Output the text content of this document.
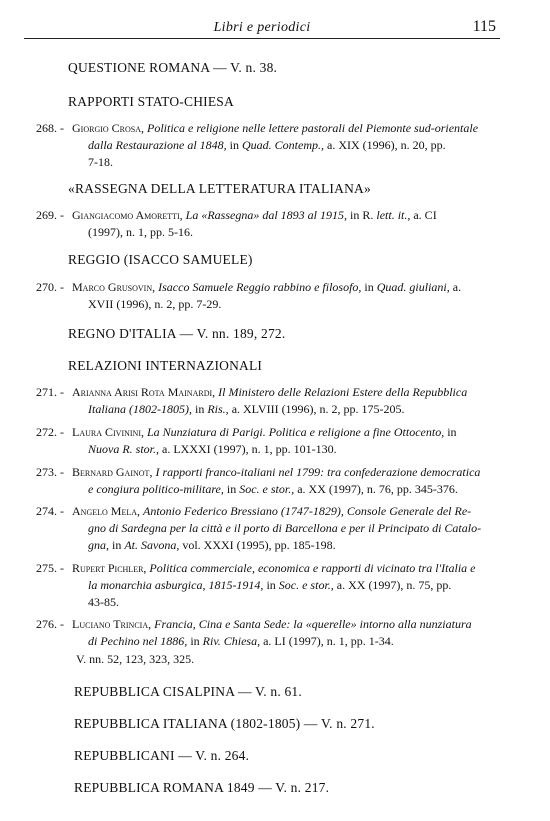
Libri e periodici	115
QUESTIONE ROMANA — V. n. 38.
RAPPORTI STATO-CHIESA
268. - Giorgio Crosa, Politica e religione nelle lettere pastorali del Piemonte sud-orientale
dalla Restaurazione al 1848, in Quad. Contemp., a. XIX (1996), n. 20, pp.
7-18.
«RASSEGNA DELLA LETTERATURA ITALIANA»
269. - Giangiacomo Amoretti, La «Rassegna» dal 1893 al 1915, in R. lett. it., a. CI
(1997), n. 1, pp. 5-16.
REGGIO (ISACCO SAMUELE)
270. - Marco Grusovin, Isacco Samuele Reggio rabbino e filosofo, in Quad. giuliani, a.
XVII (1996), n. 2, pp. 7-29.
REGNO D'ITALIA — V. nn. 189, 272.
RELAZIONI INTERNAZIONALI
271. - Arianna Arisi Rota Mainardi, Il Ministero delle Relazioni Estere della Repubblica
Italiana (1802-1805), in Ris., a. XLVIII (1996), n. 2, pp. 175-205.
272. - Laura Civinini, La Nunziatura di Parigi. Politica e religione a fine Ottocento, in
Nuova R. stor., a. LXXXI (1997), n. 1, pp. 101-130.
273. - Bernard Gainot, I rapporti franco-italiani nel 1799: tra confederazione democratica
e congiura politico-militare, in Soc. e stor., a. XX (1997), n. 76, pp. 345-376.
274. - Angelo Mela, Antonio Federico Bressiano (1747-1829), Console Generale del Re-
gno di Sardegna per la città e il porto di Barcellona e per il Principato di Catalo-
gna, in At. Savona, vol. XXXI (1995), pp. 185-198.
275. - Rupert Pichler, Politica commerciale, economica e rapporti di vicinato tra l'Italia e
la monarchia asburgica, 1815-1914, in Soc. e stor., a. XX (1997), n. 75, pp.
43-85.
276. - Luciano Trincia, Francia, Cina e Santa Sede: la «querelle» intorno alla nunziatura
di Pechino nel 1886, in Riv. Chiesa, a. LI (1997), n. 1, pp. 1-34.
V. nn. 52, 123, 323, 325.
REPUBBLICA CISALPINA — V. n. 61.
REPUBBLICA ITALIANA (1802-1805) — V. n. 271.
REPUBBLICANI — V. n. 264.
REPUBBLICA ROMANA 1849 — V. n. 217.
